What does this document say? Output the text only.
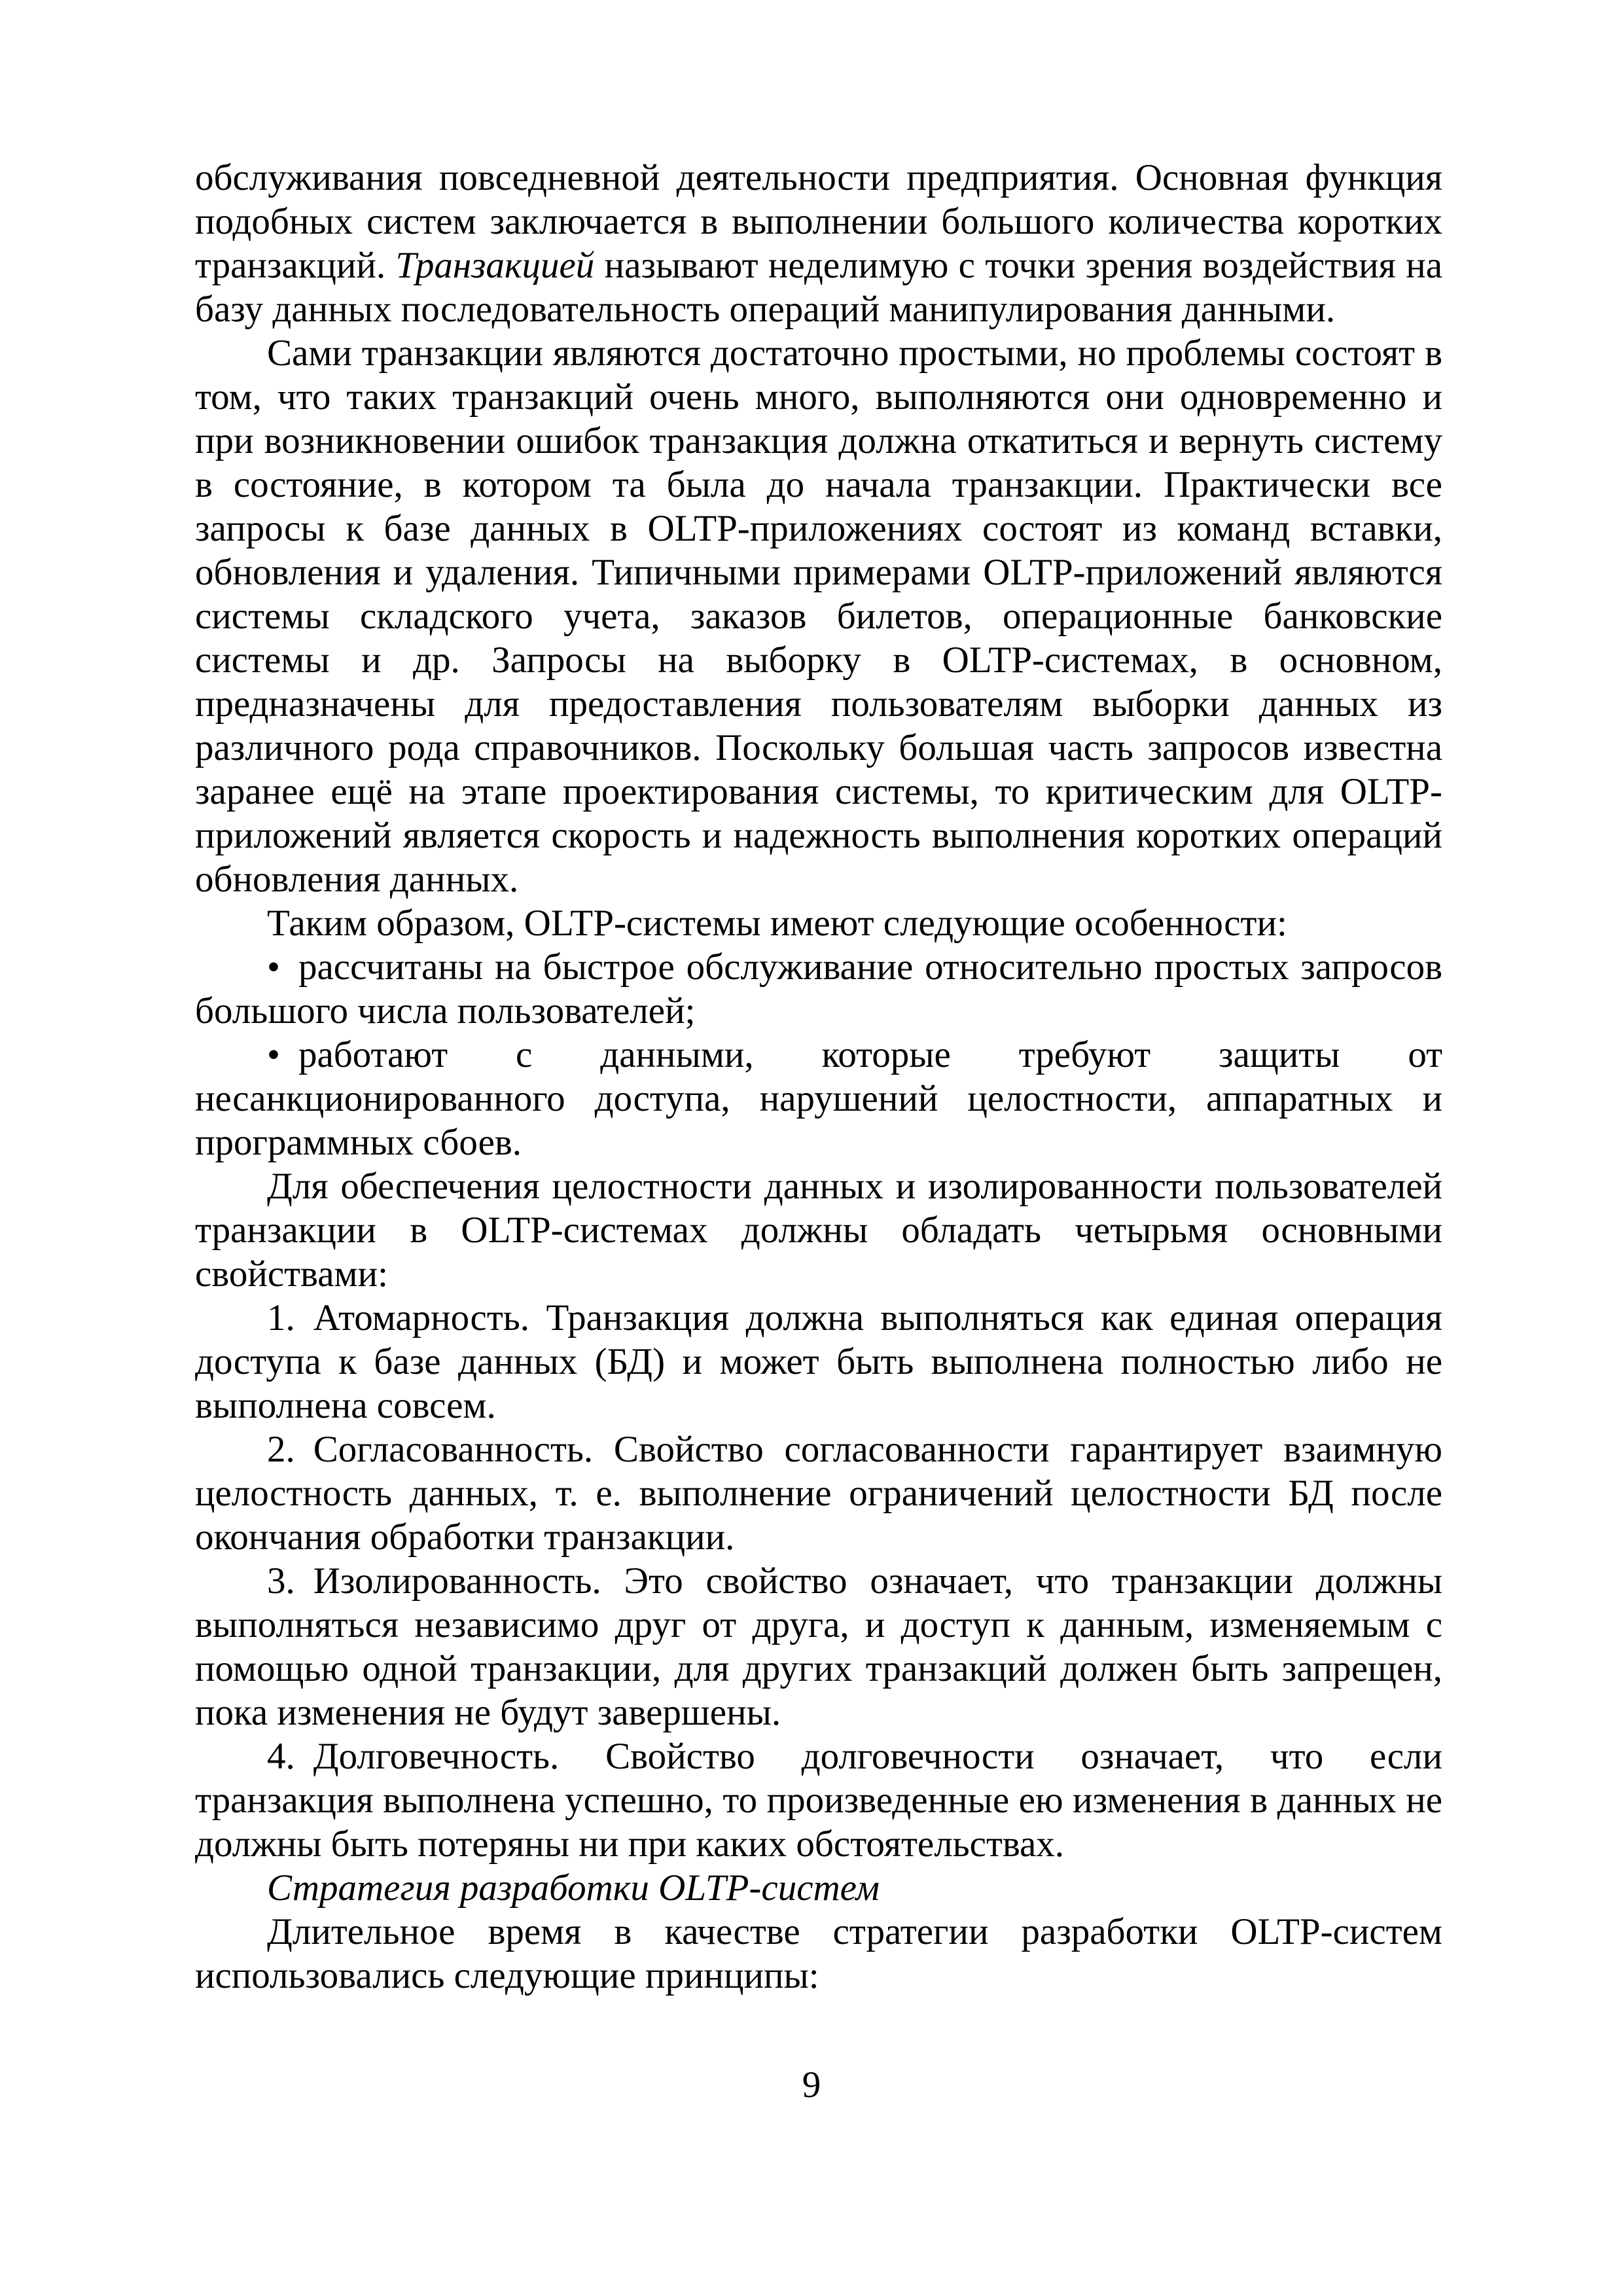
обслуживания повседневной деятельности предприятия. Основная функция подобных систем заключается в выполнении большого количества коротких транзакций. Транзакцией называют неделимую с точки зрения воздействия на базу данных последовательность операций манипулирования данными.

Сами транзакции являются достаточно простыми, но проблемы состоят в том, что таких транзакций очень много, выполняются они одновременно и при возникновении ошибок транзакция должна откатиться и вернуть систему в состояние, в котором та была до начала транзакции. Практически все запросы к базе данных в OLTP-приложениях состоят из команд вставки, обновления и удаления. Типичными примерами OLTP-приложений являются системы складского учета, заказов билетов, операционные банковские системы и др. Запросы на выборку в OLTP-системах, в основном, предназначены для предоставления пользователям выборки данных из различного рода справочников. Поскольку большая часть запросов известна заранее ещё на этапе проектирования системы, то критическим для OLTP-приложений является скорость и надежность выполнения коротких операций обновления данных.

Таким образом, OLTP-системы имеют следующие особенности:

• рассчитаны на быстрое обслуживание относительно простых запросов большого числа пользователей;

• работают с данными, которые требуют защиты от несанкционированного доступа, нарушений целостности, аппаратных и программных сбоев.

Для обеспечения целостности данных и изолированности пользователей транзакции в OLTP-системах должны обладать четырьмя основными свойствами:

1. Атомарность. Транзакция должна выполняться как единая операция доступа к базе данных (БД) и может быть выполнена полностью либо не выполнена совсем.

2. Согласованность. Свойство согласованности гарантирует взаимную целостность данных, т. е. выполнение ограничений целостности БД после окончания обработки транзакции.

3. Изолированность. Это свойство означает, что транзакции должны выполняться независимо друг от друга, и доступ к данным, изменяемым с помощью одной транзакции, для других транзакций должен быть запрещен, пока изменения не будут завершены.

4. Долговечность. Свойство долговечности означает, что если транзакция выполнена успешно, то произведенные ею изменения в данных не должны быть потеряны ни при каких обстоятельствах.

Стратегия разработки OLTP-систем

Длительное время в качестве стратегии разработки OLTP-систем использовались следующие принципы:

9
